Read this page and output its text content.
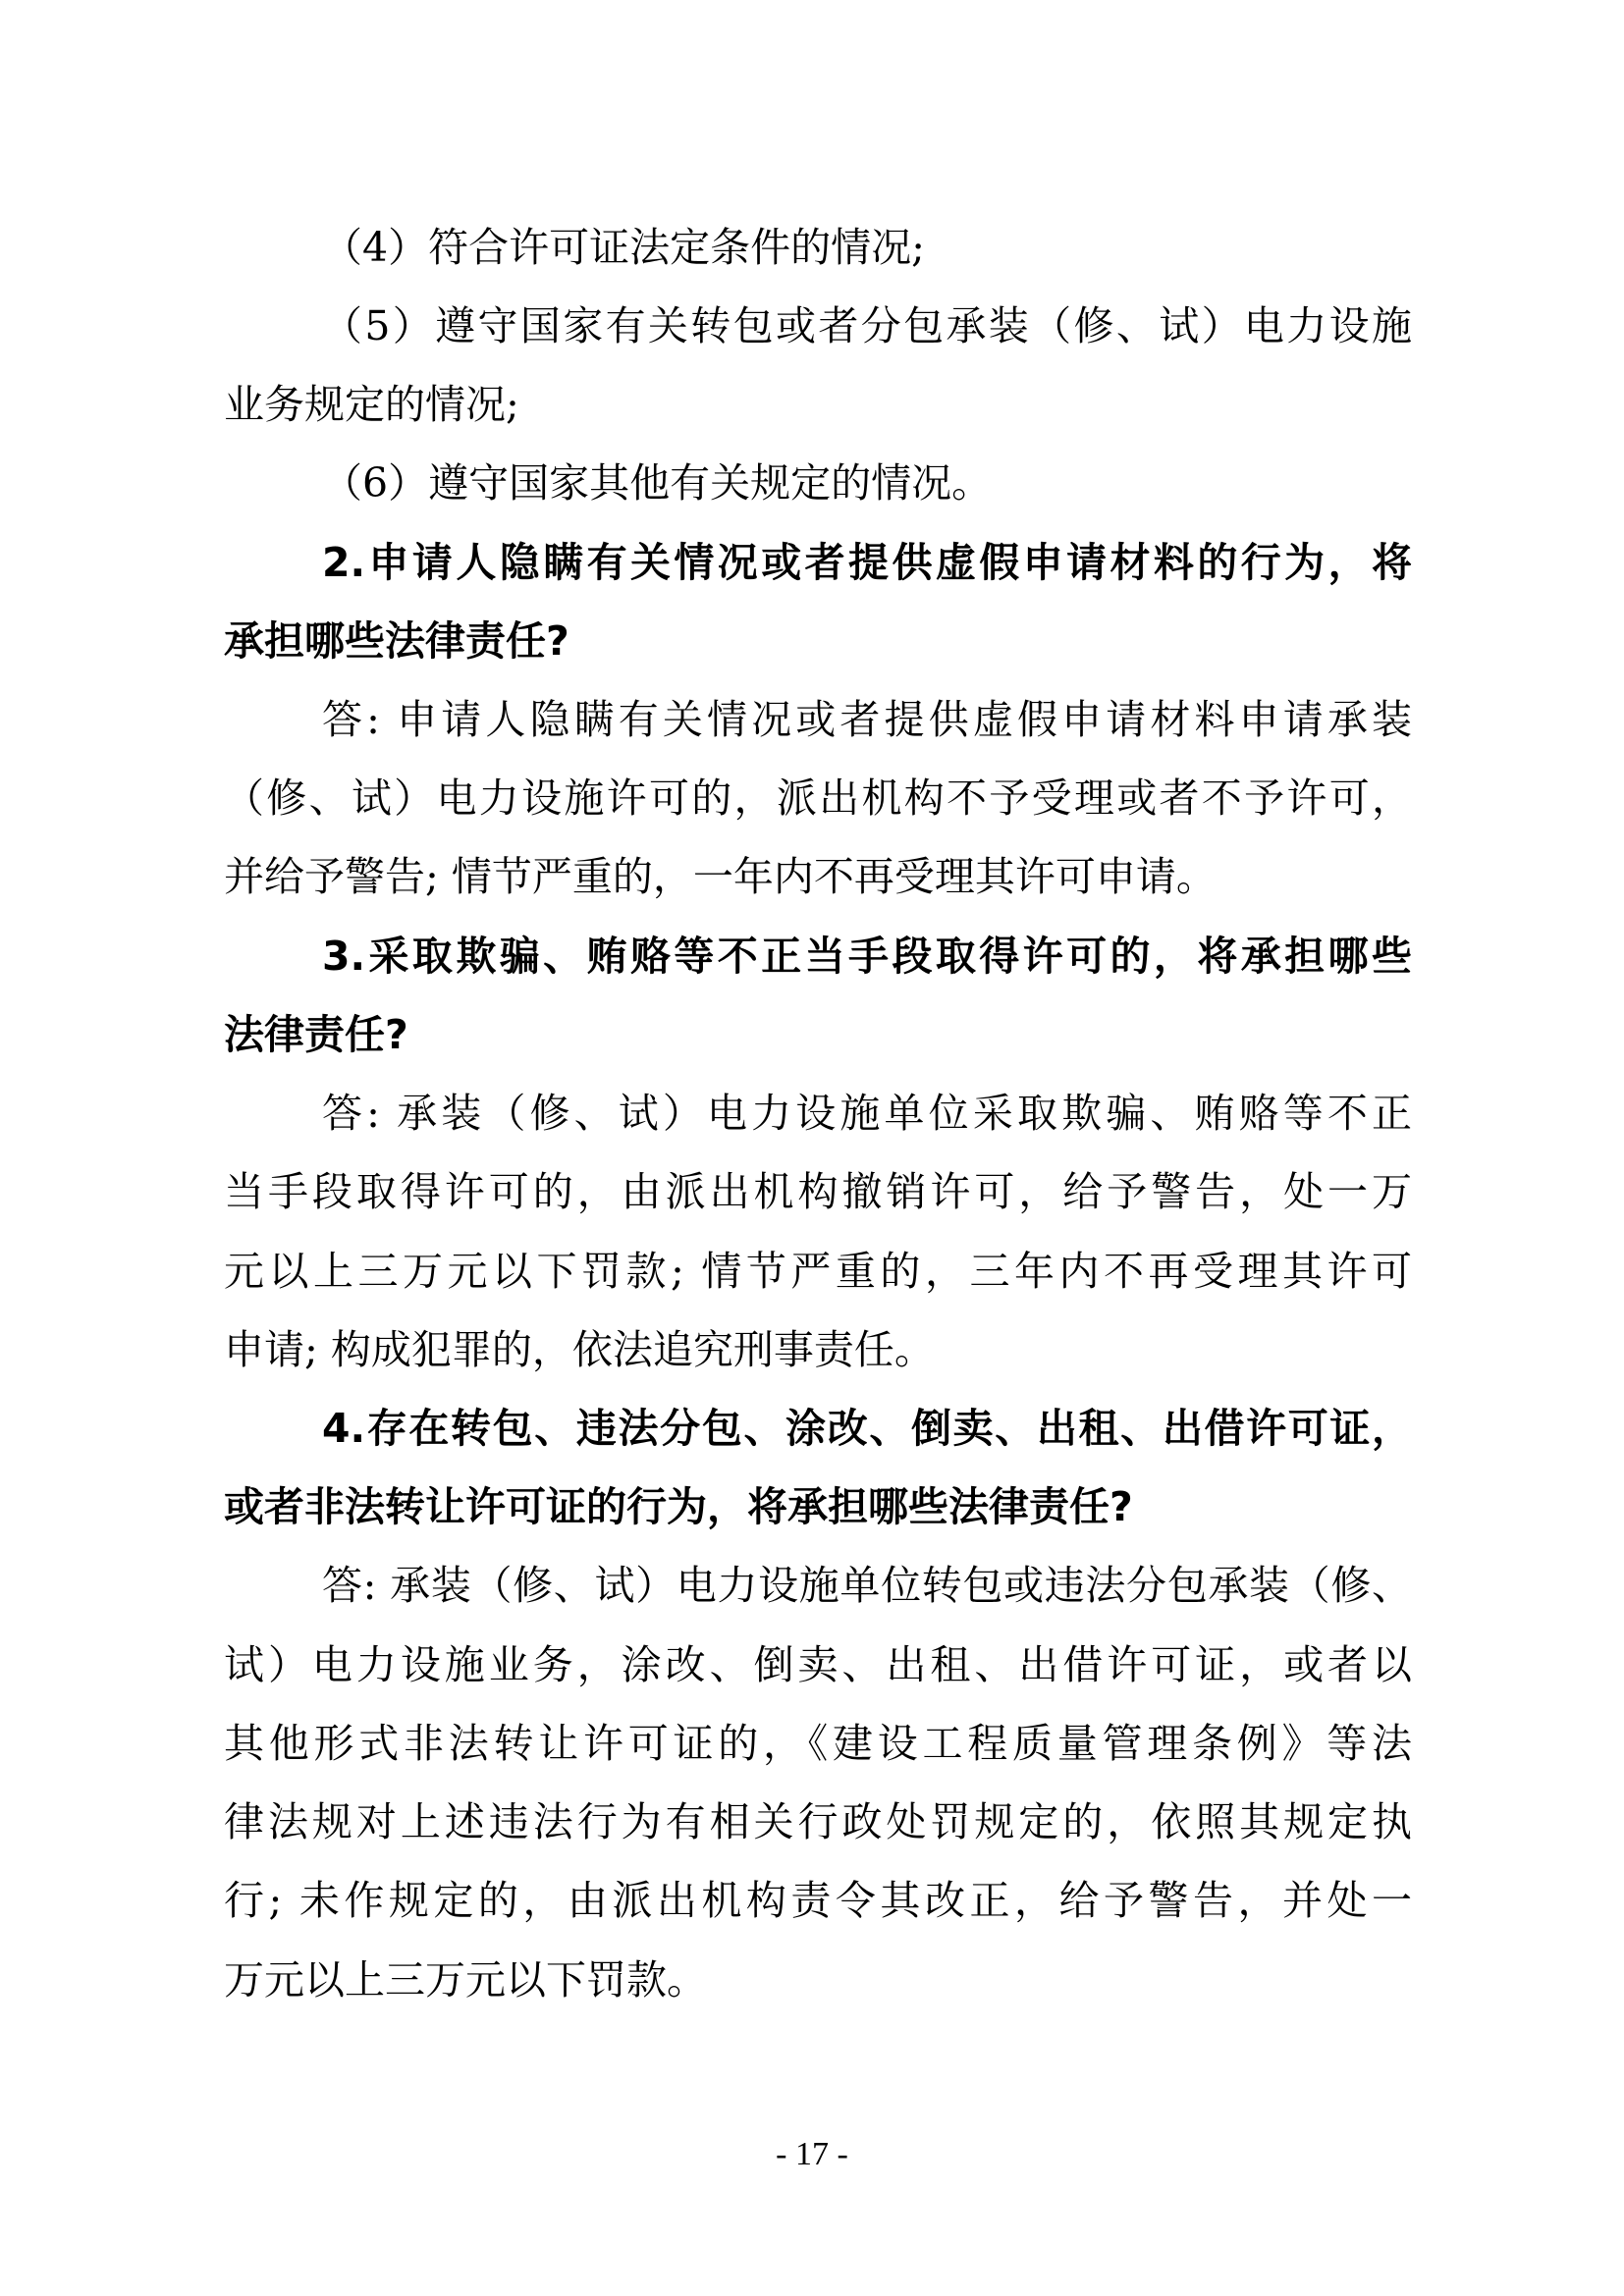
（4）符合许可证法定条件的情况;
（5）遵守国家有关转包或者分包承装（修、试）电力设施
业务规定的情况;
（6）遵守国家其他有关规定的情况。
2.申请人隐瞒有关情况或者提供虚假申请材料的行为，将
承担哪些法律责任?
答: 申请人隐瞒有关情况或者提供虚假申请材料申请承装
（修、试）电力设施许可的，派出机构不予受理或者不予许可，
并给予警告; 情节严重的，一年内不再受理其许可申请。
3.采取欺骗、贿赂等不正当手段取得许可的，将承担哪些
法律责任?
答: 承装（修、试）电力设施单位采取欺骗、贿赂等不正
当手段取得许可的，由派出机构撤销许可，给予警告，处一万
元以上三万元以下罚款; 情节严重的，三年内不再受理其许可
申请; 构成犯罪的，依法追究刑事责任。
4.存在转包、违法分包、涂改、倒卖、出租、出借许可证，
或者非法转让许可证的行为，将承担哪些法律责任?
答: 承装（修、试）电力设施单位转包或违法分包承装（修、
试）电力设施业务，涂改、倒卖、出租、出借许可证，或者以
其他形式非法转让许可证的，《建设工程质量管理条例》等法
律法规对上述违法行为有相关行政处罚规定的，依照其规定执
行; 未作规定的，由派出机构责令其改正，给予警告，并处一
万元以上三万元以下罚款。
- 17 -
